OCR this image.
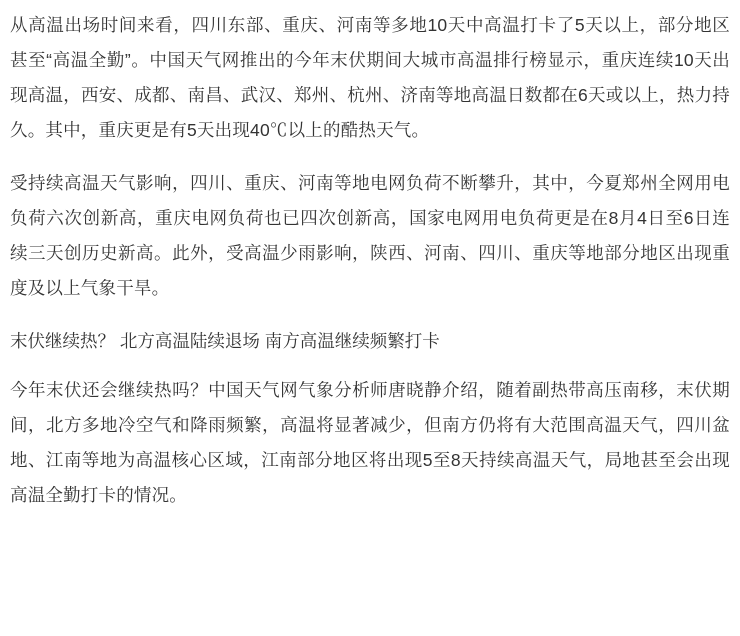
从高温出场时间来看，四川东部、重庆、河南等多地10天中高温打卡了5天以上，部分地区甚至“高温全勤”。中国天气网推出的今年末伏期间大城市高温排行榜显示，重庆连续10天出现高温，西安、成都、南昌、武汉、郑州、杭州、济南等地高温日数都在6天或以上，热力持久。其中，重庆更是有5天出现40℃以上的酷热天气。

受持续高温天气影响，四川、重庆、河南等地电网负荷不断攀升，其中，今夏郑州全网用电负荷六次创新高，重庆电网负荷也已四次创新高，国家电网用电负荷更是在8月4日至6日连续三天创历史新高。此外，受高温少雨影响，陕西、河南、四川、重庆等地部分地区出现重度及以上气象干旱。

末伏继续热？ 北方高温陆续退场 南方高温继续频繁打卡

今年末伏还会继续热吗？中国天气网气象分析师唐晓静介绍，随着副热带高压南移，末伏期间，北方多地冷空气和降雨频繁，高温将显著减少，但南方仍将有大范围高温天气，四川盆地、江南等地为高温核心区域，江南部分地区将出现5至8天持续高温天气，局地甚至会出现高温全勤打卡的情况。
